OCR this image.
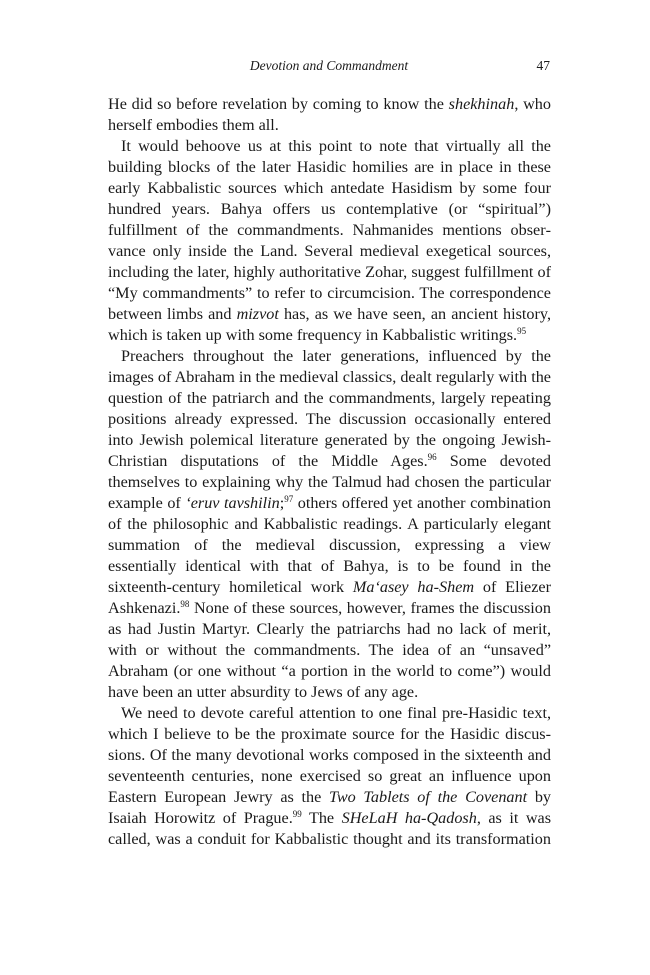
Devotion and Commandment	47

He did so before revelation by coming to know the shekhinah, who herself embodies them all.

It would behoove us at this point to note that virtually all the building blocks of the later Hasidic homilies are in place in these early Kabbalistic sources which antedate Hasidism by some four hundred years. Bahya offers us contemplative (or “spiritual”) fulfillment of the commandments. Nahmanides mentions observance only inside the Land. Several medieval exegetical sources, including the later, highly authoritative Zohar, suggest fulfillment of “My commandments” to refer to circumcision. The correspondence between limbs and mizvot has, as we have seen, an ancient history, which is taken up with some frequency in Kabbalistic writings.$^{95}$

Preachers throughout the later generations, influenced by the images of Abraham in the medieval classics, dealt regularly with the question of the patriarch and the commandments, largely repeating positions already expressed. The discussion occasionally entered into Jewish polemical literature generated by the ongoing Jewish-Christian disputations of the Middle Ages.$^{96}$ Some devoted themselves to explaining why the Talmud had chosen the particular example of ‘eruv tavshilin;$^{97}$ others offered yet another combination of the philosophic and Kabbalistic readings. A particularly elegant summation of the medieval discussion, expressing a view essentially identical with that of Bahya, is to be found in the sixteenth-century homiletical work Ma‘asey ha-Shem of Eliezer Ashkenazi.$^{98}$ None of these sources, however, frames the discussion as had Justin Martyr. Clearly the patriarchs had no lack of merit, with or without the commandments. The idea of an “unsaved” Abraham (or one without “a portion in the world to come”) would have been an utter absurdity to Jews of any age.

We need to devote careful attention to one final pre-Hasidic text, which I believe to be the proximate source for the Hasidic discussions. Of the many devotional works composed in the sixteenth and seventeenth centuries, none exercised so great an influence upon Eastern European Jewry as the Two Tablets of the Covenant by Isaiah Horowitz of Prague.$^{99}$ The SHeLaH ha-Qadosh, as it was called, was a conduit for Kabbalistic thought and its transformation
